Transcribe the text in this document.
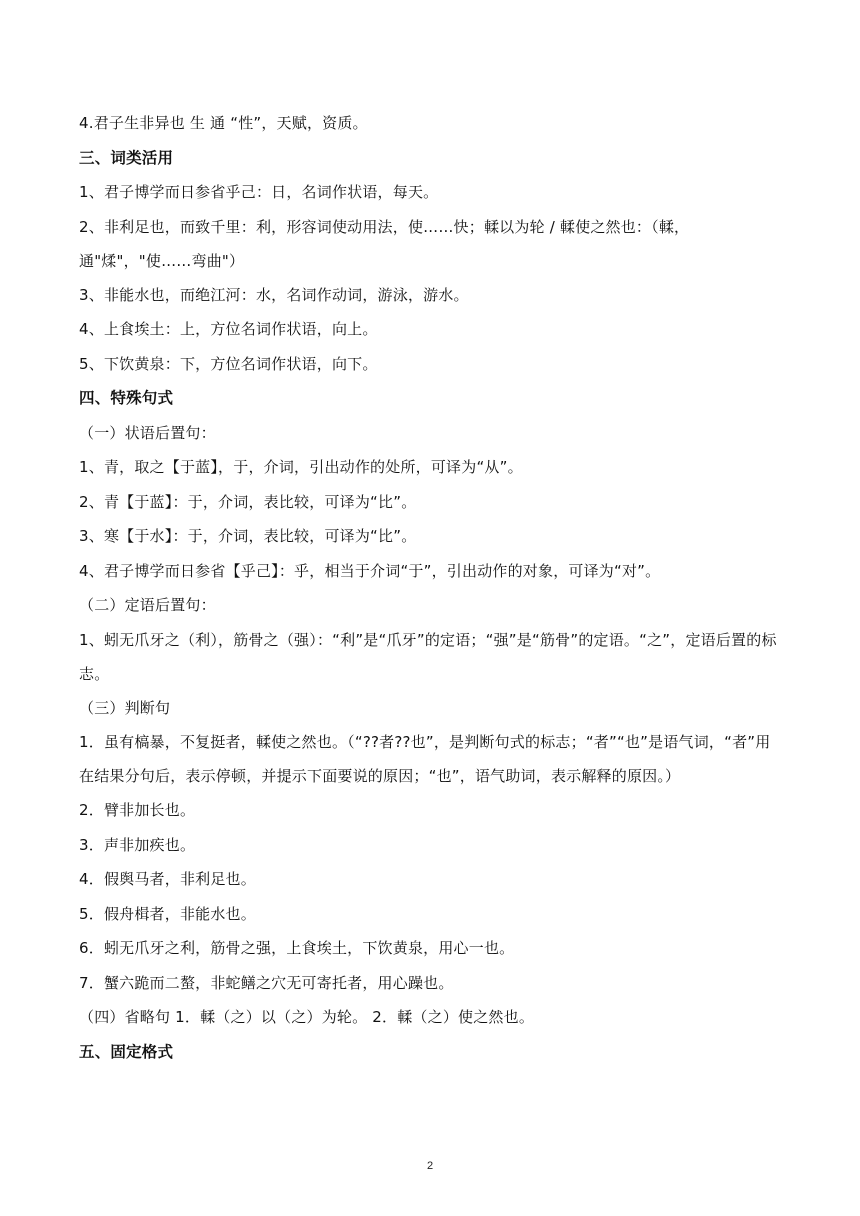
4.君子生非异也 生 通 “性”，天赋，资质。
三、词类活用
1、君子博学而日参省乎己：日，名词作状语，每天。
2、非利足也，而致千里：利，形容词使动用法，使……快；輮以为轮 / 輮使之然也：（輮，通"煣"，"使……弯曲"）
3、非能水也，而绝江河：水，名词作动词，游泳，游水。
4、上食埃土：上，方位名词作状语，向上。
5、下饮黄泉：下，方位名词作状语，向下。
四、特殊句式
（一）状语后置句：
1、青，取之【于蓝】，于，介词，引出动作的处所，可译为“从”。
2、青【于蓝】：于，介词，表比较，可译为“比”。
3、寒【于水】：于，介词，表比较，可译为“比”。
4、君子博学而日参省【乎己】：乎，相当于介词“于”，引出动作的对象，可译为“对”。
（二）定语后置句：
1、蚓无爪牙之（利），筋骨之（强）：“利”是“爪牙”的定语；“强”是“筋骨”的定语。“之”，定语后置的标志。
（三）判断句
1．虽有槁暴，不复挺者，輮使之然也。（“??者??也”，是判断句式的标志；“者”“也”是语气词，“者”用在结果分句后，表示停顿，并提示下面要说的原因；“也”，语气助词，表示解释的原因。）
2．臂非加长也。
3．声非加疾也。
4．假舆马者，非利足也。
5．假舟楫者，非能水也。
6．蚓无爪牙之利，筋骨之强，上食埃土，下饮黄泉，用心一也。
7．蟹六跪而二螯，非蛇鳝之穴无可寄托者，用心躁也。
（四）省略句 1．輮（之）以（之）为轮。 2．輮（之）使之然也。
五、固定格式
2
